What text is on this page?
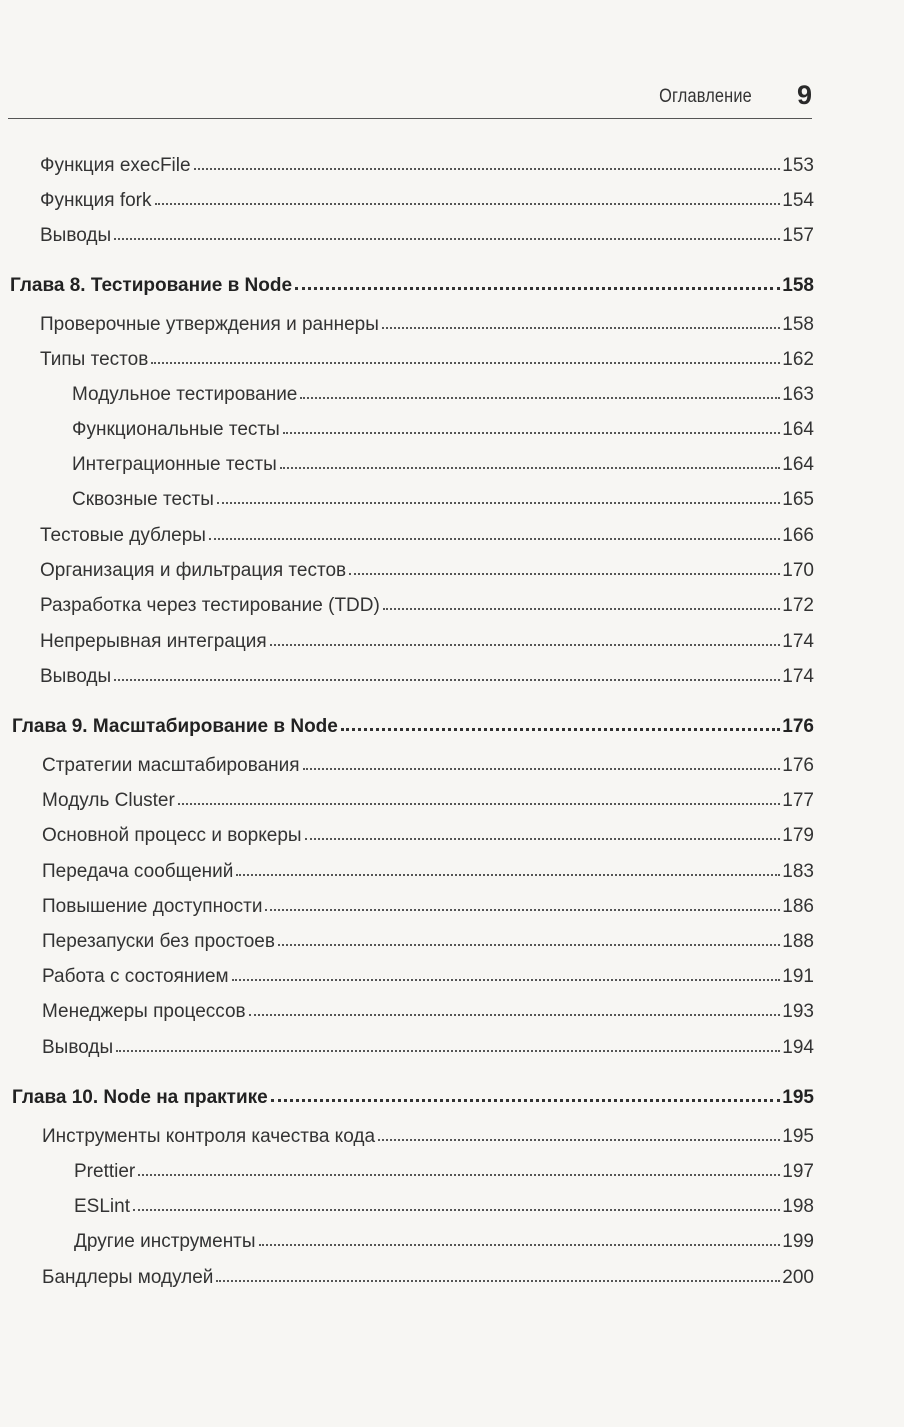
Оглавление 9
Функция execFile	153
Функция fork	154
Выводы	157
Глава 8. Тестирование в Node	158
Проверочные утверждения и раннеры	158
Типы тестов	162
Модульное тестирование	163
Функциональные тесты	164
Интеграционные тесты	164
Сквозные тесты	165
Тестовые дублеры	166
Организация и фильтрация тестов	170
Разработка через тестирование (TDD)	172
Непрерывная интеграция	174
Выводы	174
Глава 9. Масштабирование в Node	176
Стратегии масштабирования	176
Модуль Cluster	177
Основной процесс и воркеры	179
Передача сообщений	183
Повышение доступности	186
Перезапуски без простоев	188
Работа с состоянием	191
Менеджеры процессов	193
Выводы	194
Глава 10. Node на практике	195
Инструменты контроля качества кода	195
Prettier	197
ESLint	198
Другие инструменты	199
Бандлеры модулей	200
